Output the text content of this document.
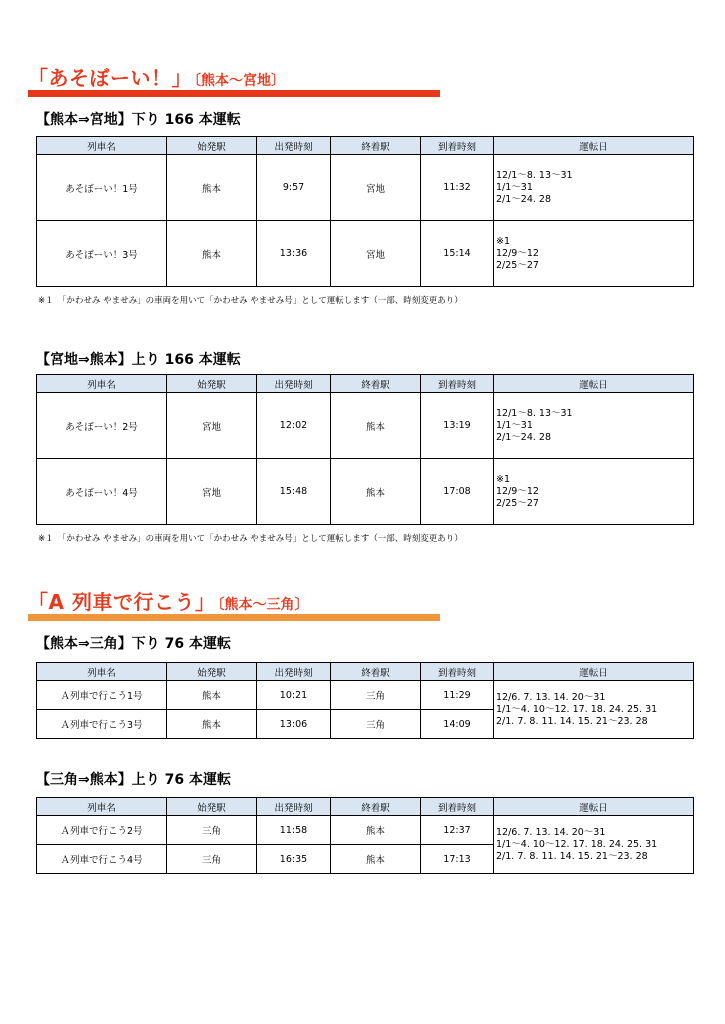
「あそぼーい！」 〔熊本～宮地〕
【熊本⇒宮地】下り 166 本運転
列車名	始発駅	出発時刻	終着駅	到着時刻	運転日
あそぼーい！1号	熊本	9:57	宮地	11:32	12/1～8. 13～31
1/1～31
2/1～24. 28

あそぼーい！3号	熊本	13:36	宮地	15:14	※1
12/9～12
2/25～27
※１　「かわせみ やませみ」の車両を用いて「かわせみ やませみ号」として運転します（一部、時刻変更あり）
【宮地⇒熊本】上り 166 本運転
列車名	始発駅	出発時刻	終着駅	到着時刻	運転日
あそぼーい！2号	宮地	12:02	熊本	13:19	12/1～8. 13～31
1/1～31
2/1～24. 28

あそぼーい！4号	宮地	15:48	熊本	17:08	※1
12/9～12
2/25～27
※１　「かわせみ やませみ」の車両を用いて「かわせみ やませみ号」として運転します（一部、時刻変更あり）
「A 列車で行こう」 〔熊本～三角〕
【熊本⇒三角】下り 76 本運転
列車名	始発駅	出発時刻	終着駅	到着時刻	運転日
Ａ列車で行こう1号	熊本	10:21	三角	11:29	12/6. 7. 13. 14. 20～31
1/1～4. 10～12. 17. 18. 24. 25. 31
2/1. 7. 8. 11. 14. 15. 21～23. 28

Ａ列車で行こう3号	熊本	13:06	三角	14:09	
【三角⇒熊本】上り 76 本運転
列車名	始発駅	出発時刻	終着駅	到着時刻	運転日
Ａ列車で行こう2号	三角	11:58	熊本	12:37	12/6. 7. 13. 14. 20～31
1/1～4. 10～12. 17. 18. 24. 25. 31
2/1. 7. 8. 11. 14. 15. 21～23. 28

Ａ列車で行こう4号	三角	16:35	熊本	17:13	
